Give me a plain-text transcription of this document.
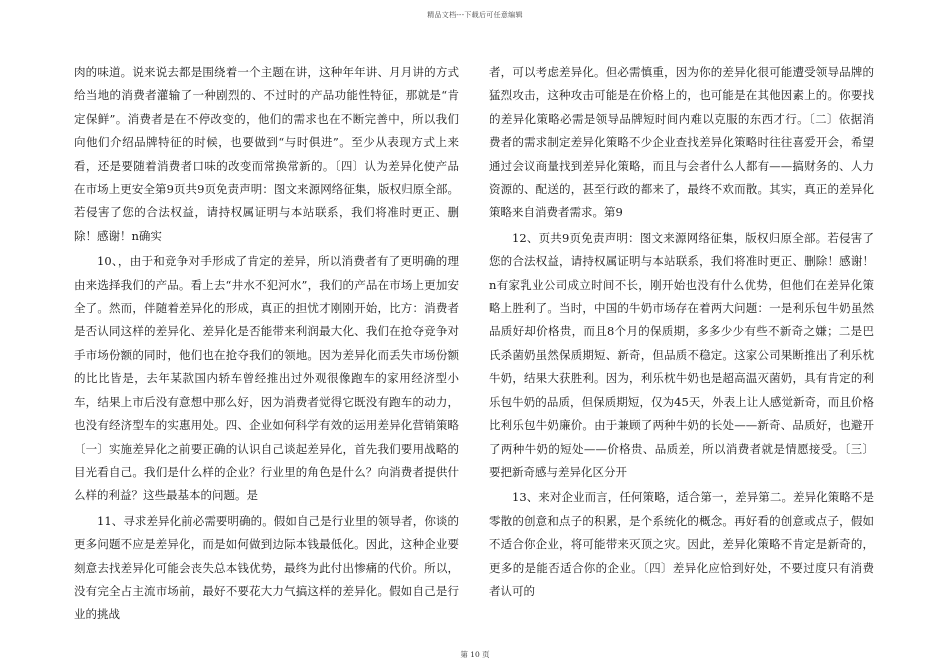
精品文档---下载后可任意编辑

肉的味道。说来说去都是围绕着一个主题在讲，这种年年讲、月月讲的方式给当地的消费者灌输了一种剧烈的、不过时的产品功能性特征，那就是“肯定保鲜”。消费者是在不停改变的，他们的需求也在不断完善中，所以我们向他们介绍品牌特征的时候，也要做到“与时俱进”。至少从表现方式上来看，还是要随着消费者口味的改变而常换常新的。〔四〕认为差异化使产品在市场上更安全第9页共9页免责声明：图文来源网络征集，版权归原全部。若侵害了您的合法权益，请持权属证明与本站联系，我们将准时更正、删除！感谢！n确实

10、，由于和竞争对手形成了肯定的差异，所以消费者有了更明确的理由来选择我们的产品。看上去“井水不犯河水”，我们的产品在市场上更加安全了。然而，伴随着差异化的形成，真正的担忧才刚刚开始，比方：消费者是否认同这样的差异化、差异化是否能带来利润最大化、我们在抢夺竞争对手市场份额的同时，他们也在抢夺我们的领地。因为差异化而丢失市场份额的比比皆是，去年某款国内轿车曾经推出过外观很像跑车的家用经济型小车，结果上市后没有意想中那么好，因为消费者觉得它既没有跑车的动力，也没有经济型车的实惠用处。四、企业如何科学有效的运用差异化营销策略〔一〕实施差异化之前要正确的认识自己谈起差异化，首先我们要用战略的目光看自己。我们是什么样的企业？行业里的角色是什么？向消费者提供什么样的利益？这些最基本的问题。是

11、寻求差异化前必需要明确的。假如自己是行业里的领导者，你谈的更多问题不应是差异化，而是如何做到边际本钱最低化。因此，这种企业要刻意去找差异化可能会丧失总本钱优势，最终为此付出惨痛的代价。所以，没有完全占主流市场前，最好不要花大力气搞这样的差异化。假如自己是行业的挑战

者，可以考虑差异化。但必需慎重，因为你的差异化很可能遭受领导品牌的猛烈攻击，这种攻击可能是在价格上的，也可能是在其他因素上的。你要找的差异化策略必需是领导品牌短时间内难以克服的东西才行。〔二〕依据消费者的需求制定差异化策略不少企业查找差异化策略时往往喜爱开会，希望通过会议商量找到差异化策略，而且与会者什么人都有——搞财务的、人力资源的、配送的，甚至行政的都来了，最终不欢而散。其实，真正的差异化策略来自消费者需求。第9

12、页共9页免责声明：图文来源网络征集，版权归原全部。若侵害了您的合法权益，请持权属证明与本站联系，我们将准时更正、删除！感谢！n有家乳业公司成立时间不长，刚开始也没有什么优势，但他们在差异化策略上胜利了。当时，中国的牛奶市场存在着两大问题：一是利乐包牛奶虽然品质好却价格贵，而且8个月的保质期，多多少少有些不新奇之嫌；二是巴氏杀菌奶虽然保质期短、新奇，但品质不稳定。这家公司果断推出了利乐枕牛奶，结果大获胜利。因为，利乐枕牛奶也是超高温灭菌奶，具有肯定的利乐包牛奶的品质，但保质期短，仅为45天，外表上让人感觉新奇，而且价格比利乐包牛奶廉价。由于兼顾了两种牛奶的长处——新奇、品质好，也避开了两种牛奶的短处——价格贵、品质差，所以消费者就是情愿接受。〔三〕要把新奇感与差异化区分开

13、来对企业而言，任何策略，适合第一，差异第二。差异化策略不是零散的创意和点子的积累，是个系统化的概念。再好看的创意或点子，假如不适合你企业，将可能带来灭顶之灾。因此，差异化策略不肯定是新奇的，更多的是能否适合你的企业。〔四〕差异化应恰到好处，不要过度只有消费者认可的

第 10 页
